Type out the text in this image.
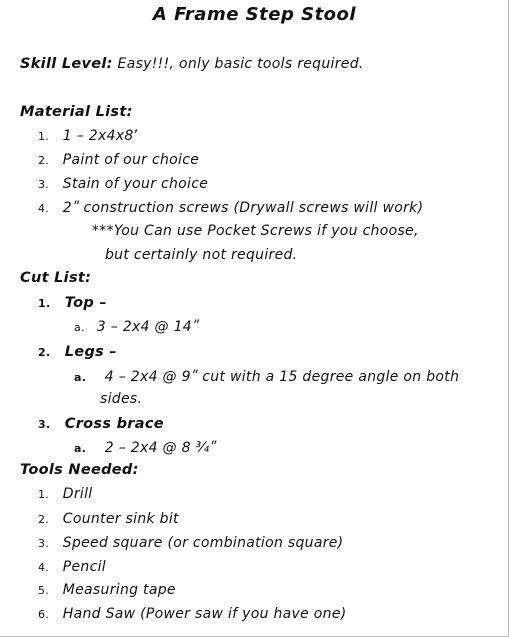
A Frame Step Stool
Skill Level: Easy!!!, only basic tools required.
Material List:
1. 1 – 2x4x8ʼ
2. Paint of our choice
3. Stain of your choice
4. 2ʺ construction screws (Drywall screws will work)
***You Can use Pocket Screws if you choose,
but certainly not required.
Cut List:
1. Top –
a. 3 – 2x4 @ 14ʺ
2. Legs –
a. 4 – 2x4 @ 9ʺ cut with a 15 degree angle on both
sides.
3. Cross brace
a. 2 – 2x4 @ 8 ¾ʺ
Tools Needed:
1. Drill
2. Counter sink bit
3. Speed square (or combination square)
4. Pencil
5. Measuring tape
6. Hand Saw (Power saw if you have one)
